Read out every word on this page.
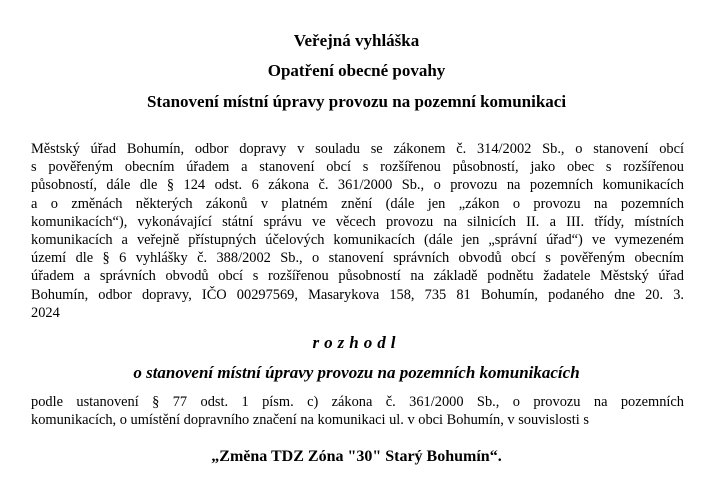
Veřejná vyhláška
Opatření obecné povahy
Stanovení místní úpravy provozu na pozemní komunikaci
Městský úřad Bohumín, odbor dopravy v souladu se zákonem č. 314/2002 Sb., o stanovení obcí
s pověřeným obecním úřadem a stanovení obcí s rozšířenou působností, jako obec s rozšířenou
působností, dále dle § 124 odst. 6 zákona č. 361/2000 Sb., o provozu na pozemních komunikacích
a o změnách některých zákonů v platném znění (dále jen „zákon o provozu na pozemních
komunikacích“), vykonávající státní správu ve věcech provozu na silnicích II. a III. třídy, místních
komunikacích a veřejně přístupných účelových komunikacích (dále jen „správní úřad“) ve vymezeném
území dle § 6 vyhlášky č. 388/2002 Sb., o stanovení správních obvodů obcí s pověřeným obecním
úřadem a správních obvodů obcí s rozšířenou působností na základě podnětu žadatele Městský úřad
Bohumín, odbor dopravy, IČO 00297569, Masarykova 158, 735 81 Bohumín, podaného dne 20. 3.
2024
rozhodl
o stanovení místní úpravy provozu na pozemních komunikacích
podle ustanovení § 77 odst. 1 písm. c) zákona č. 361/2000 Sb., o provozu na pozemních
komunikacích, o umístění dopravního značení na komunikaci ul. v obci Bohumín, v souvislosti s
„Změna TDZ Zóna "30" Starý Bohumín“.
